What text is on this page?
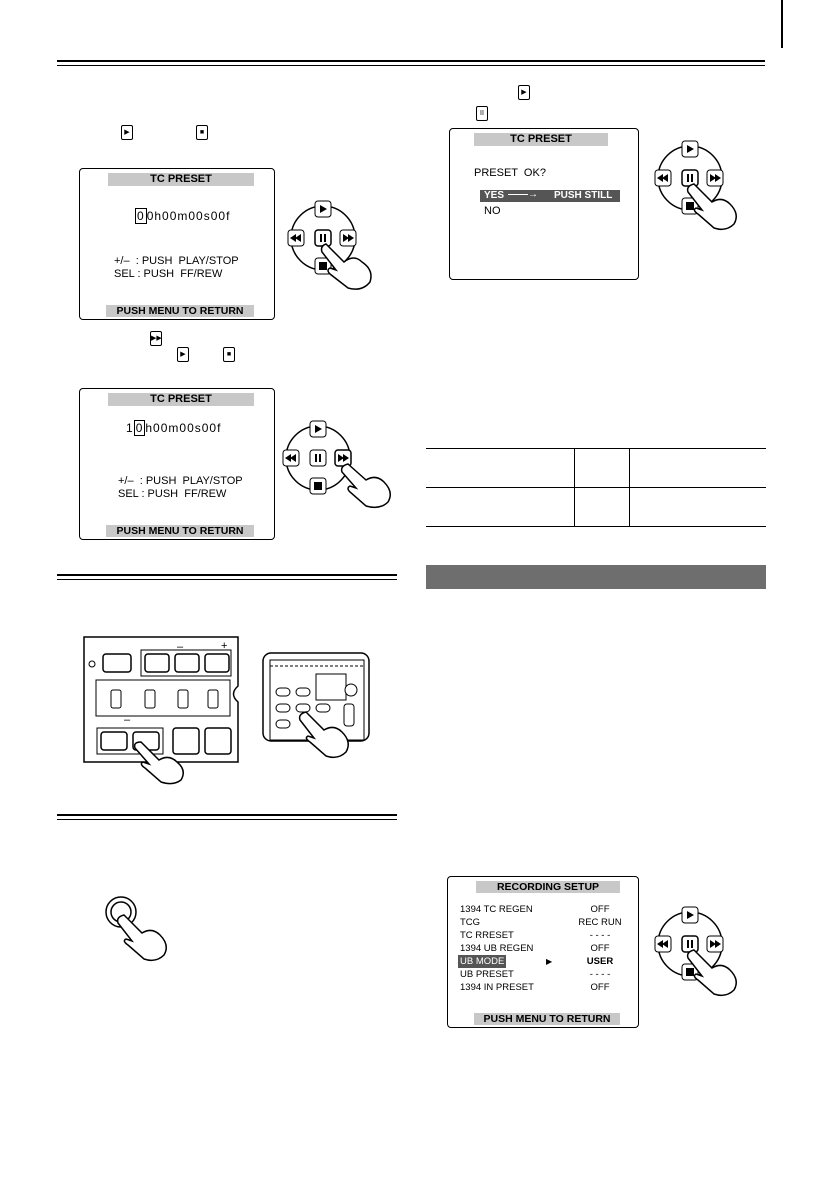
▶	■
TC PRESET
0 0h00m00s00f
+/–  : PUSH  PLAY/STOP
SEL : PUSH  FF/REW
PUSH MENU TO RETURN
▶▶
▶	■
TC PRESET
1 0 h00m00s00f
+/–  : PUSH  PLAY/STOP
SEL : PUSH  FF/REW
PUSH MENU TO RETURN
–	+
–
▶
II
TC PRESET
PRESET  OK?
YES ——→ PUSH STILL
NO

RECORDING SETUP
1394 TC REGEN	OFF
TCG	REC RUN
TC RRESET	- - - -
1394 UB REGEN	OFF
UB MODE	▶	USER
UB PRESET	- - - -
1394 IN PRESET	OFF
PUSH MENU TO RETURN
